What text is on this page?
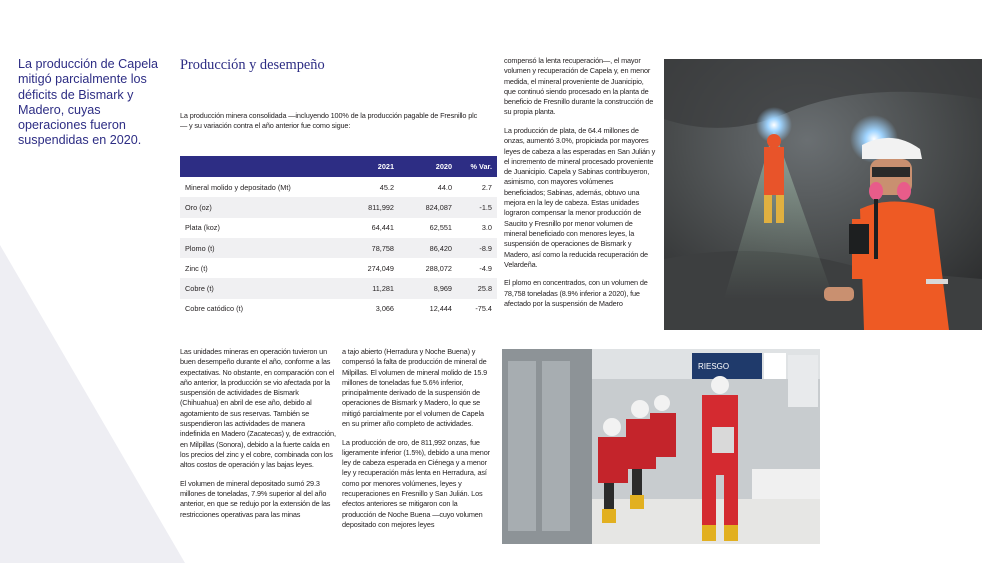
La producción de Capela mitigó parcialmente los déficits de Bismark y Madero, cuyas operaciones fueron suspendidas en 2020.
Producción y desempeño
La producción minera consolidada —incluyendo 100% de la producción pagable de Fresnillo plc— y su variación contra el año anterior fue como sigue:
	2021	2020	% Var.
Mineral molido y depositado (Mt)	45.2	44.0	2.7
Oro (oz)	811,992	824,087	-1.5
Plata (koz)	64,441	62,551	3.0
Plomo (t)	78,758	86,420	-8.9
Zinc (t)	274,049	288,072	-4.9
Cobre (t)	11,281	8,969	25.8
Cobre catódico (t)	3,066	12,444	-75.4

Las unidades mineras en operación tuvieron un buen desempeño durante el año, conforme a las expectativas. No obstante, en comparación con el año anterior, la producción se vio afectada por la suspensión de actividades de Bismark (Chihuahua) en abril de ese año, debido al agotamiento de sus reservas. También se suspendieron las actividades de manera indefinida en Madero (Zacatecas) y, de extracción, en Milpillas (Sonora), debido a la fuerte caída en los precios del zinc y el cobre, combinada con los altos costos de operación y las bajas leyes.

El volumen de mineral depositado sumó 29.3 millones de toneladas, 7.9% superior al del año anterior, en que se redujo por la extensión de las restricciones operativas para las minas

a tajo abierto (Herradura y Noche Buena) y compensó la falta de producción de mineral de Milpillas. El volumen de mineral molido de 15.9 millones de toneladas fue 5.6% inferior, principalmente derivado de la suspensión de operaciones de Bismark y Madero, lo que se mitigó parcialmente por el volumen de Capela en su primer año completo de actividades.

La producción de oro, de 811,992 onzas, fue ligeramente inferior (1.5%), debido a una menor ley de cabeza esperada en Ciénega y a menor ley y recuperación más lenta en Herradura, así como por menores volúmenes, leyes y recuperaciones en Fresnillo y San Julián. Los efectos anteriores se mitigaron con la producción de Noche Buena —cuyo volumen depositado con mejores leyes

compensó la lenta recuperación—, el mayor volumen y recuperación de Capela y, en menor medida, el mineral proveniente de Juanicipio, que continuó siendo procesado en la planta de beneficio de Fresnillo durante la construcción de su propia planta.

La producción de plata, de 64.4 millones de onzas, aumentó 3.0%, propiciada por mayores leyes de cabeza a las esperadas en San Julián y el incremento de mineral procesado proveniente de Juanicipio. Capela y Sabinas contribuyeron, asimismo, con mayores volúmenes beneficiados; Sabinas, además, obtuvo una mejora en la ley de cabeza. Estas unidades lograron compensar la menor producción de Saucito y Fresnillo por menor volumen de mineral beneficiado con menores leyes, la suspensión de operaciones de Bismark y Madero, así como la reducida recuperación de Velardeña.

El plomo en concentrados, con un volumen de 78,758 toneladas (8.9% inferior a 2020), fue afectado por la suspensión de Madero

RIESGO
